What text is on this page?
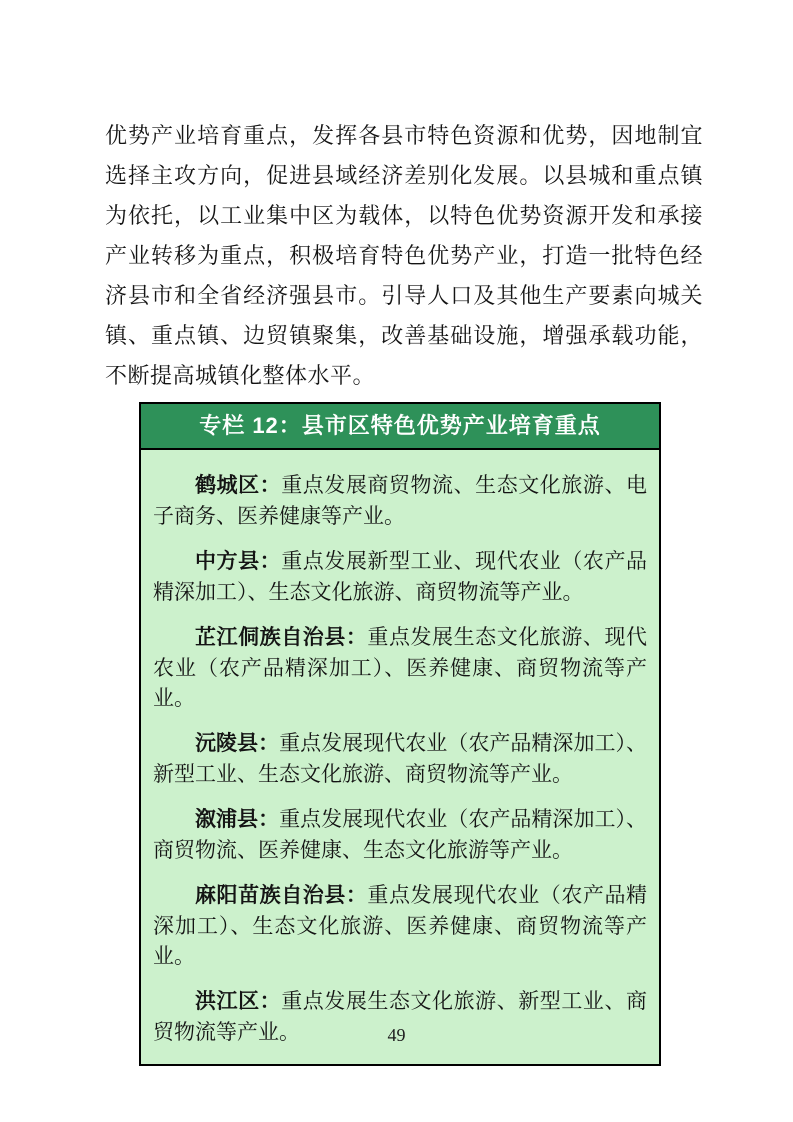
优势产业培育重点，发挥各县市特色资源和优势，因地制宜选择主攻方向，促进县域经济差别化发展。以县城和重点镇为依托，以工业集中区为载体，以特色优势资源开发和承接产业转移为重点，积极培育特色优势产业，打造一批特色经济县市和全省经济强县市。引导人口及其他生产要素向城关镇、重点镇、边贸镇聚集，改善基础设施，增强承载功能，不断提高城镇化整体水平。

专栏 12：县市区特色优势产业培育重点

鹤城区：重点发展商贸物流、生态文化旅游、电子商务、医养健康等产业。

中方县：重点发展新型工业、现代农业（农产品精深加工）、生态文化旅游、商贸物流等产业。

芷江侗族自治县：重点发展生态文化旅游、现代农业（农产品精深加工）、医养健康、商贸物流等产业。

沅陵县：重点发展现代农业（农产品精深加工）、新型工业、生态文化旅游、商贸物流等产业。

溆浦县：重点发展现代农业（农产品精深加工）、商贸物流、医养健康、生态文化旅游等产业。

麻阳苗族自治县：重点发展现代农业（农产品精深加工）、生态文化旅游、医养健康、商贸物流等产业。

洪江区：重点发展生态文化旅游、新型工业、商贸物流等产业。	49
